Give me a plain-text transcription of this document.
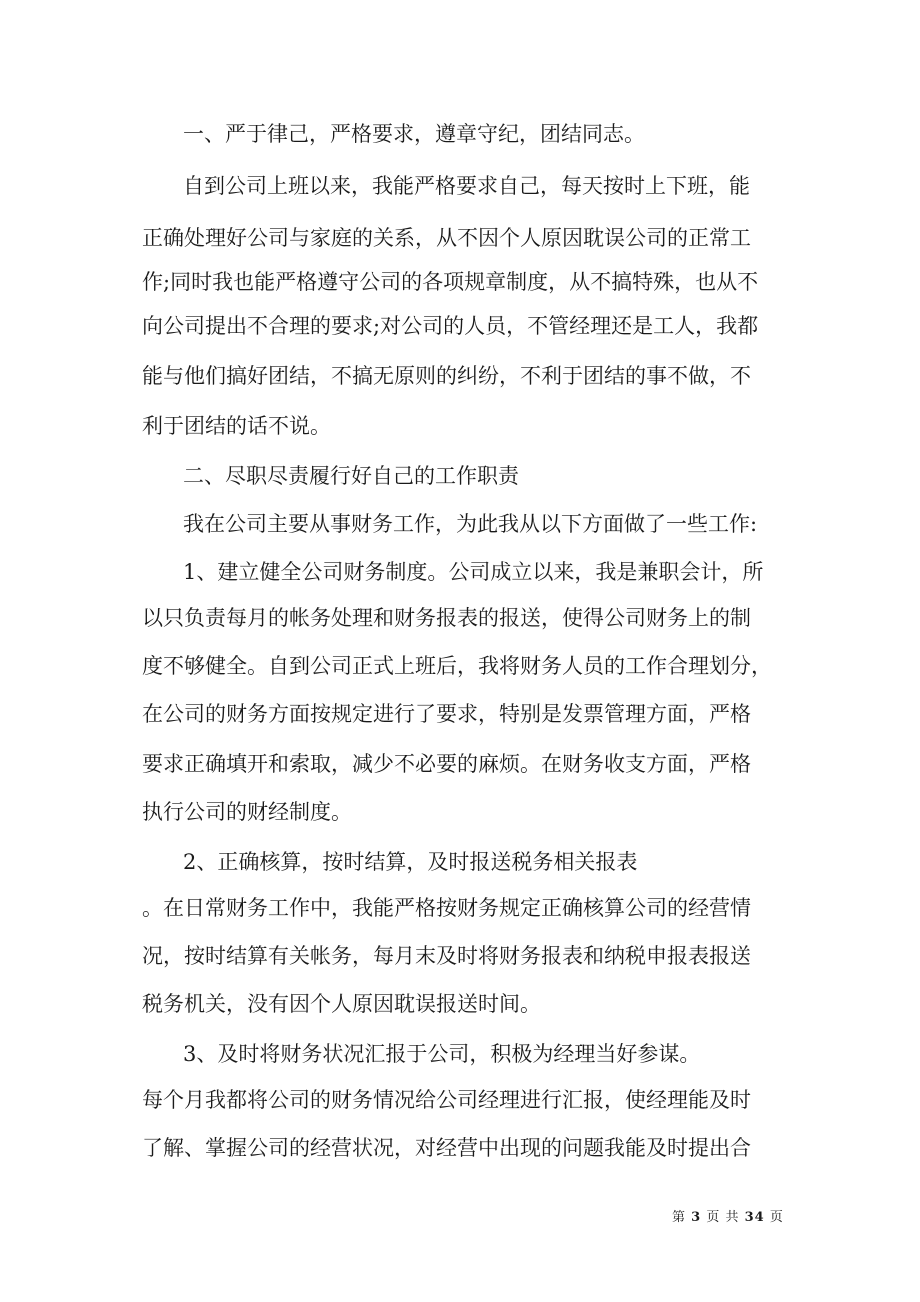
一、严于律己，严格要求，遵章守纪，团结同志。
自到公司上班以来，我能严格要求自己，每天按时上下班，能
正确处理好公司与家庭的关系，从不因个人原因耽误公司的正常工
作;同时我也能严格遵守公司的各项规章制度，从不搞特殊，也从不
向公司提出不合理的要求;对公司的人员，不管经理还是工人，我都
能与他们搞好团结，不搞无原则的纠纷，不利于团结的事不做，不
利于团结的话不说。
二、尽职尽责履行好自己的工作职责
我在公司主要从事财务工作，为此我从以下方面做了一些工作:
1、建立健全公司财务制度。公司成立以来，我是兼职会计，所
以只负责每月的帐务处理和财务报表的报送，使得公司财务上的制
度不够健全。自到公司正式上班后，我将财务人员的工作合理划分，
在公司的财务方面按规定进行了要求，特别是发票管理方面，严格
要求正确填开和索取，减少不必要的麻烦。在财务收支方面，严格
执行公司的财经制度。
2、正确核算，按时结算，及时报送税务相关报表
。在日常财务工作中，我能严格按财务规定正确核算公司的经营情
况，按时结算有关帐务，每月末及时将财务报表和纳税申报表报送
税务机关，没有因个人原因耽误报送时间。
3、及时将财务状况汇报于公司，积极为经理当好参谋。
每个月我都将公司的财务情况给公司经理进行汇报，使经理能及时
了解、掌握公司的经营状况，对经营中出现的问题我能及时提出合
第 3 页 共 34 页
